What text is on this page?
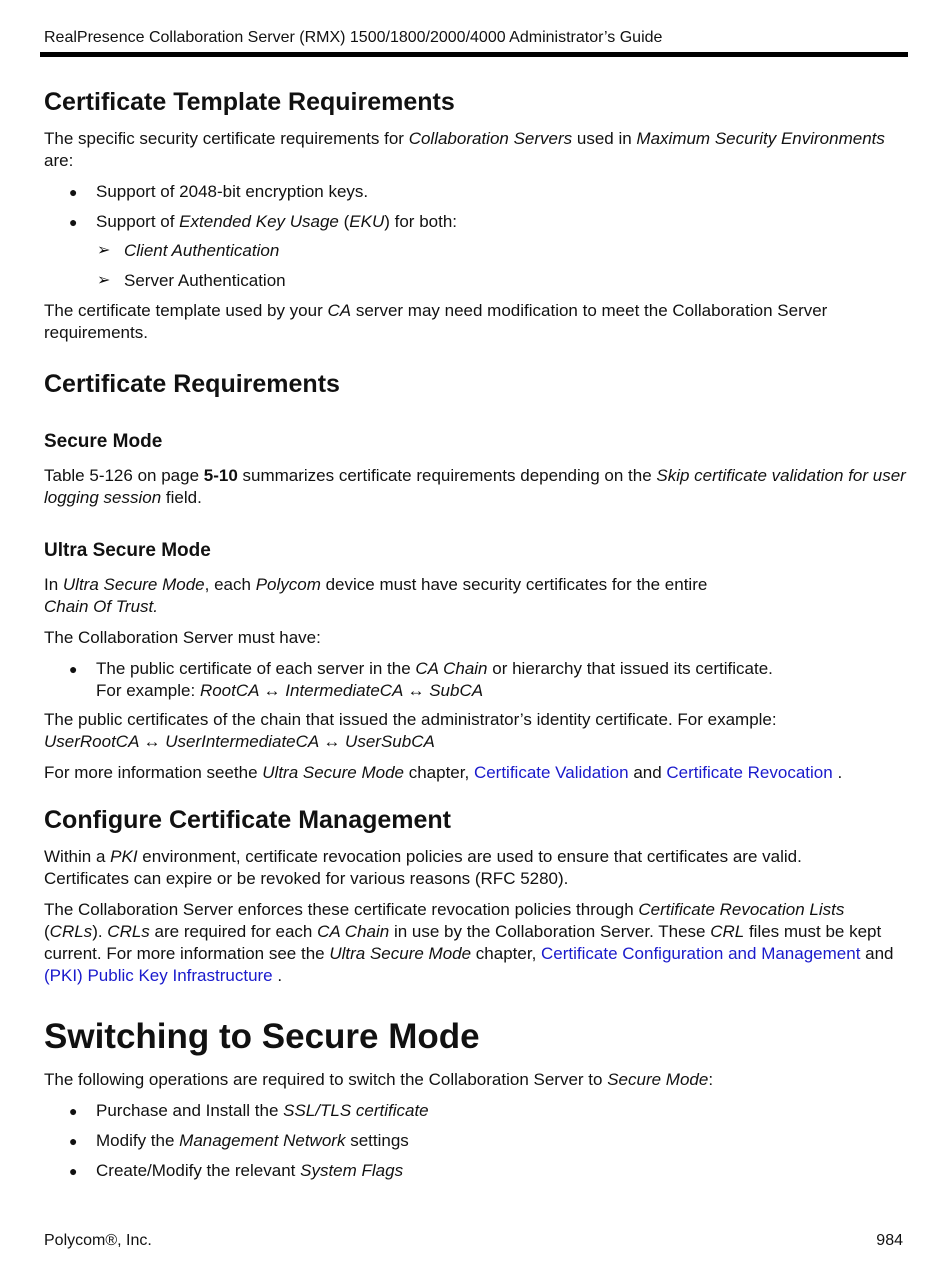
RealPresence Collaboration Server (RMX) 1500/1800/2000/4000 Administrator’s Guide
Certificate Template Requirements

The specific security certificate requirements for Collaboration Servers used in Maximum Security Environments are:

● Support of 2048-bit encryption keys.
● Support of Extended Key Usage (EKU) for both:
➢ Client Authentication
➢ Server Authentication

The certificate template used by your CA server may need modification to meet the Collaboration Server requirements.

Certificate Requirements
Secure Mode

Table 5-126 on page 5-10 summarizes certificate requirements depending on the Skip certificate validation for user logging session field.

Ultra Secure Mode

In Ultra Secure Mode, each Polycom device must have security certificates for the entire
Chain Of Trust.

The Collaboration Server must have:

● The public certificate of each server in the CA Chain or hierarchy that issued its certificate.
For example: RootCA ↔ IntermediateCA ↔ SubCA

The public certificates of the chain that issued the administrator’s identity certificate. For example:
UserRootCA ↔ UserIntermediateCA ↔ UserSubCA

For more information seethe Ultra Secure Mode chapter, Certificate Validation and Certificate Revocation .

Configure Certificate Management

Within a PKI environment, certificate revocation policies are used to ensure that certificates are valid.
Certificates can expire or be revoked for various reasons (RFC 5280).

The Collaboration Server enforces these certificate revocation policies through Certificate Revocation Lists (CRLs). CRLs are required for each CA Chain in use by the Collaboration Server. These CRL files must be kept current. For more information see the Ultra Secure Mode chapter, Certificate Configuration and Management and (PKI) Public Key Infrastructure .

Switching to Secure Mode

The following operations are required to switch the Collaboration Server to Secure Mode:

● Purchase and Install the SSL/TLS certificate
● Modify the Management Network settings
● Create/Modify the relevant System Flags
Polycom®, Inc.	984
